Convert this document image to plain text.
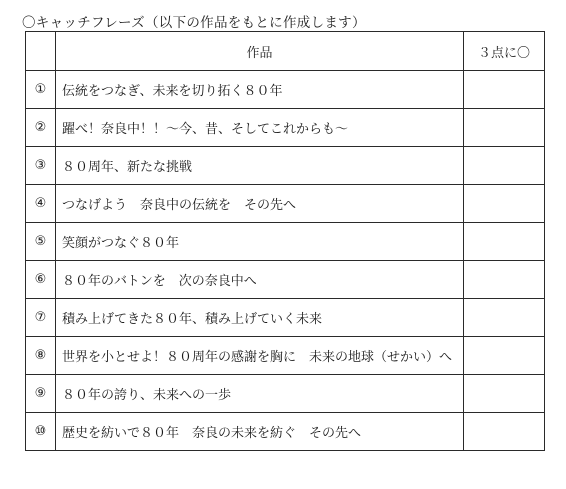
〇キャッチフレーズ（以下の作品をもとに作成します）
	作品	３点に〇
①	伝統をつなぎ、未来を切り拓く８０年	
②	躍べ！奈良中！！～今、昔、そしてこれからも～	
③	８０周年、新たな挑戦	
④	つなげよう　奈良中の伝統を　その先へ	
⑤	笑顔がつなぐ８０年	
⑥	８０年のバトンを　次の奈良中へ	
⑦	積み上げてきた８０年、積み上げていく未来	
⑧	世界を小とせよ！８０周年の感謝を胸に　未来の地球（せかい）へ	
⑨	８０年の誇り、未来への一歩	
⑩	歴史を紡いで８０年　奈良の未来を紡ぐ　その先へ	
